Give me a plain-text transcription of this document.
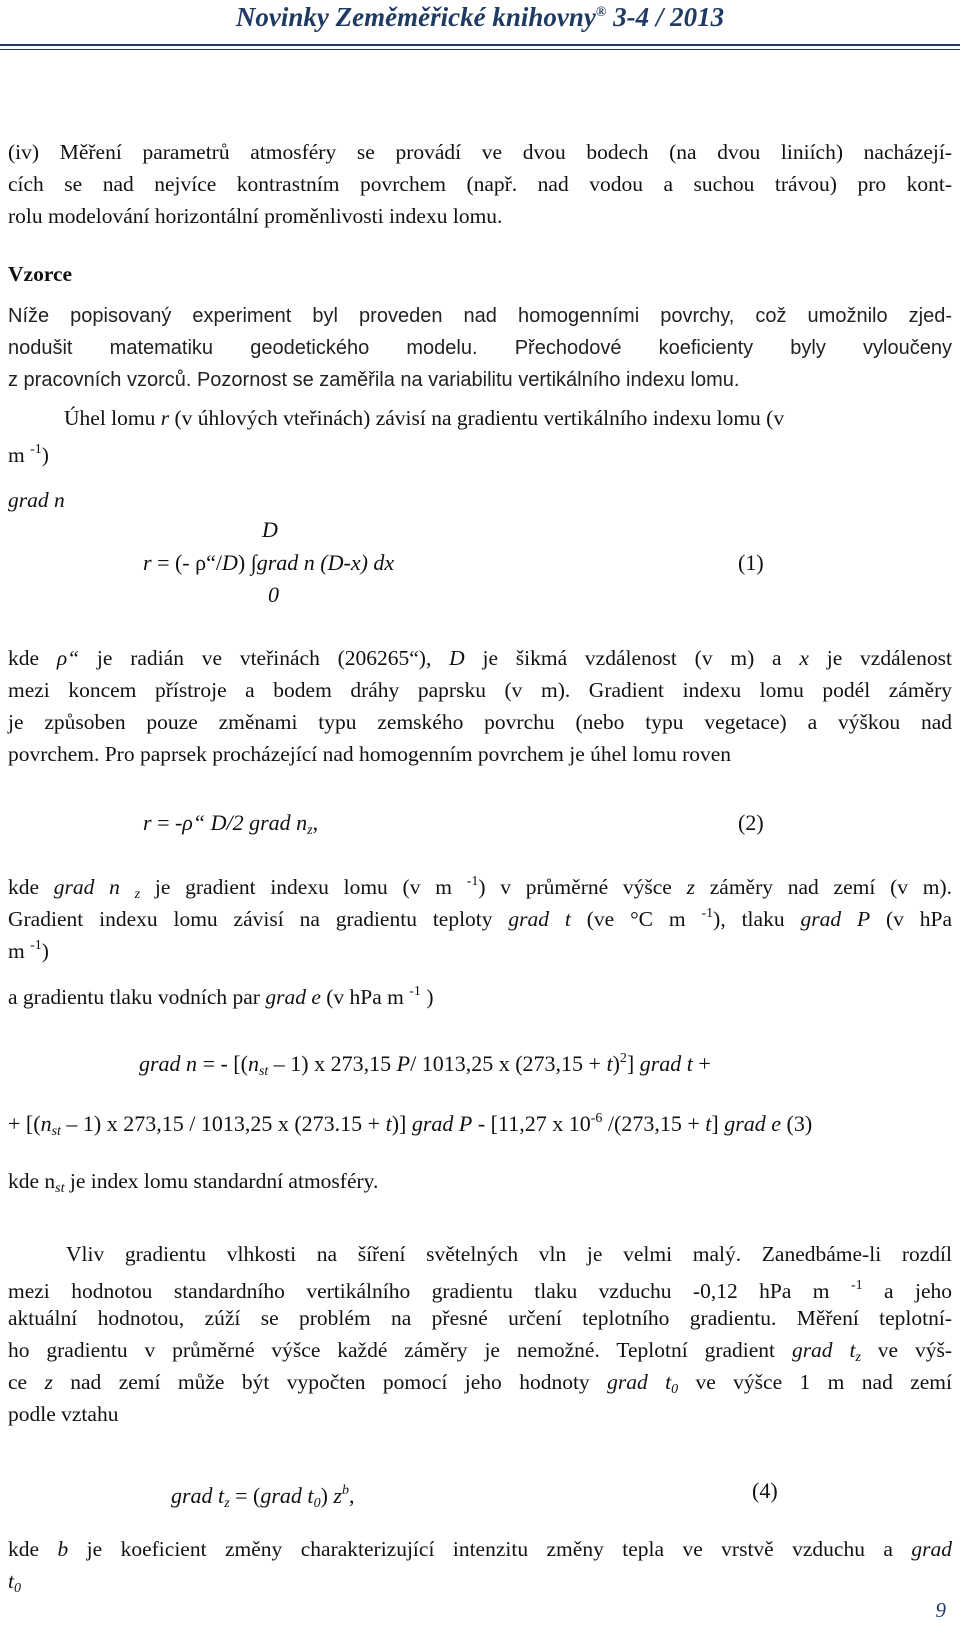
Novinky Zeměměřické knihovny® 3-4 / 2013
(iv) Měření parametrů atmosféry se provádí ve dvou bodech (na dvou liniích) nacházejí-
cích se nad nejvíce kontrastním povrchem (např. nad vodou a suchou trávou) pro kont-
rolu modelování horizontální proměnlivosti indexu lomu.
Vzorce
Níže popisovaný experiment byl proveden nad homogenními povrchy, což umožnilo zjed-
nodušit matematiku geodetického modelu. Přechodové koeficienty byly vyloučeny
z pracovních vzorců. Pozornost se zaměřila na variabilitu vertikálního indexu lomu.
Úhel lomu r (v úhlových vteřinách) závisí na gradientu vertikálního indexu lomu (v
m $^{-1}$)
grad n
D
r = (- ρ“/D) ∫grad n (D-x) dx
0
(1)
kde ρ“ je radián ve vteřinách (206265“), D je šikmá vzdálenost (v m) a x je vzdálenost
mezi koncem přístroje a bodem dráhy paprsku (v m). Gradient indexu lomu podél záměry
je způsoben pouze změnami typu zemského povrchu (nebo typu vegetace) a výškou nad
povrchem. Pro paprsek procházející nad homogenním povrchem je úhel lomu roven
r = -ρ“ D/2 grad $n_z$,	(2)
kde grad n $_z$ je gradient indexu lomu (v m $^{-1}$) v průměrné výšce z záměry nad zemí (v m).
Gradient indexu lomu závisí na gradientu teploty grad t (ve °C m $^{-1}$), tlaku grad P (v hPa
m $^{-1}$)
a gradientu tlaku vodních par grad e (v hPa m $^{-1}$ )
grad n = - [$(n_{st} - 1)$ x 273,15 P/ 1013,25 x $(273,15 + t)^2$] grad t +
+ [$(n_{st} - 1)$ x 273,15 / 1013,25 x (273.15 + t)] grad P - [11,27 x $10^{-6}$ /(273,15 + t] grad e (3)
kde $n_{st}$ je index lomu standardní atmosféry.
Vliv gradientu vlhkosti na šíření světelných vln je velmi malý. Zanedbáme-li rozdíl
mezi hodnotou standardního vertikálního gradientu tlaku vzduchu -0,12 hPa m $^{-1}$ a jeho
aktuální hodnotou, zúží se problém na přesné určení teplotního gradientu. Měření teplotní-
ho gradientu v průměrné výšce každé záměry je nemožné. Teplotní gradient grad $t_z$ ve výš-
ce z nad zemí může být vypočten pomocí jeho hodnoty grad $t_0$ ve výšce 1 m nad zemí
podle vztahu
grad $t_z$ = (grad $t_0$) $z^b$,	(4)
kde b je koeficient změny charakterizující intenzitu změny tepla ve vrstvě vzduchu a grad
$t_0$
9
